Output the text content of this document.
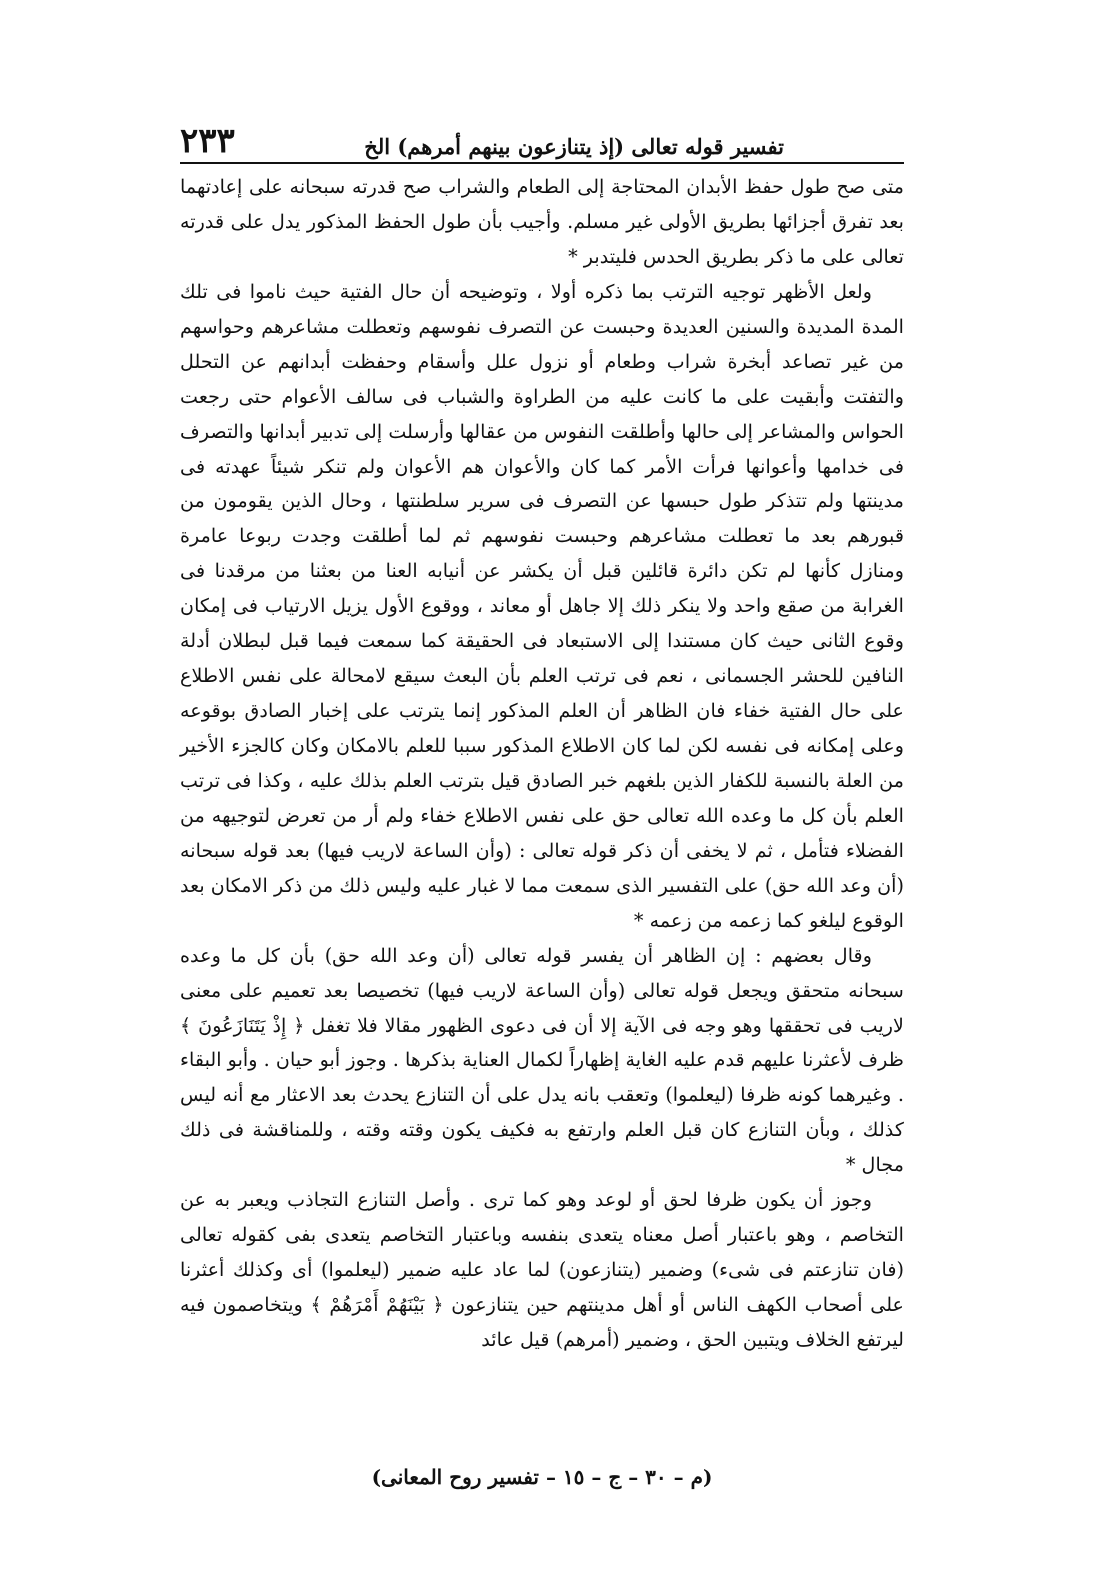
تفسير قوله تعالى (إذ يتنازعون بينهم أمرهم) الخ
٢٣٣

متى صح طول حفظ الأبدان المحتاجة إلى الطعام والشراب صح قدرته سبحانه على إعادتهما بعد تفرق أجزائها بطريق الأولى غير مسلم. وأجيب بأن طول الحفظ المذكور يدل على قدرته تعالى على ما ذكر بطريق الحدس فليتدبر *

ولعل الأظهر توجيه الترتب بما ذكره أولا ، وتوضيحه أن حال الفتية حيث ناموا فى تلك المدة المديدة والسنين العديدة وحبست عن التصرف نفوسهم وتعطلت مشاعرهم وحواسهم من غير تصاعد أبخرة شراب وطعام أو نزول علل وأسقام وحفظت أبدانهم عن التحلل والتفتت وأبقيت على ما كانت عليه من الطراوة والشباب فى سالف الأعوام حتى رجعت الحواس والمشاعر إلى حالها وأطلقت النفوس من عقالها وأرسلت إلى تدبير أبدانها والتصرف فى خدامها وأعوانها فرأت الأمر كما كان والأعوان هم الأعوان ولم تنكر شيئاً عهدته فى مدينتها ولم تتذكر طول حبسها عن التصرف فى سرير سلطنتها ، وحال الذين يقومون من قبورهم بعد ما تعطلت مشاعرهم وحبست نفوسهم ثم لما أطلقت وجدت ربوعا عامرة ومنازل كأنها لم تكن دائرة قائلين قبل أن يكشر عن أنيابه العنا من بعثنا من مرقدنا فى الغرابة من صقع واحد ولا ينكر ذلك إلا جاهل أو معاند ، ووقوع الأول يزيل الارتياب فى إمكان وقوع الثانى حيث كان مستندا إلى الاستبعاد فى الحقيقة كما سمعت فيما قبل لبطلان أدلة النافين للحشر الجسمانى ، نعم فى ترتب العلم بأن البعث سيقع لامحالة على نفس الاطلاع على حال الفتية خفاء فان الظاهر أن العلم المذكور إنما يترتب على إخبار الصادق بوقوعه وعلى إمكانه فى نفسه لكن لما كان الاطلاع المذكور سببا للعلم بالامكان وكان كالجزء الأخير من العلة بالنسبة للكفار الذين بلغهم خبر الصادق قيل بترتب العلم بذلك عليه ، وكذا فى ترتب العلم بأن كل ما وعده الله تعالى حق على نفس الاطلاع خفاء ولم أر من تعرض لتوجيهه من الفضلاء فتأمل ، ثم لا يخفى أن ذكر قوله تعالى : (وأن الساعة لاريب فيها) بعد قوله سبحانه (أن وعد الله حق) على التفسير الذى سمعت مما لا غبار عليه وليس ذلك من ذكر الامكان بعد الوقوع ليلغو كما زعمه من زعمه *

وقال بعضهم : إن الظاهر أن يفسر قوله تعالى (أن وعد الله حق) بأن كل ما وعده سبحانه متحقق ويجعل قوله تعالى (وأن الساعة لاريب فيها) تخصيصا بعد تعميم على معنى لاريب فى تحققها وهو وجه فى الآية إلا أن فى دعوى الظهور مقالا فلا تغفل ﴿ إِذْ يَتَنَازَعُونَ ﴾ ظرف لأعثرنا عليهم قدم عليه الغاية إظهاراً لكمال العناية بذكرها . وجوز أبو حيان . وأبو البقاء . وغيرهما كونه ظرفا (ليعلموا) وتعقب بانه يدل على أن التنازع يحدث بعد الاعثار مع أنه ليس كذلك ، وبأن التنازع كان قبل العلم وارتفع به فكيف يكون وقته وقته ، وللمناقشة فى ذلك مجال *

وجوز أن يكون ظرفا لحق أو لوعد وهو كما ترى . وأصل التنازع التجاذب ويعبر به عن التخاصم ، وهو باعتبار أصل معناه يتعدى بنفسه وباعتبار التخاصم يتعدى بفى كقوله تعالى (فان تنازعتم فى شىء) وضمير (يتنازعون) لما عاد عليه ضمير (ليعلموا) أى وكذلك أعثرنا على أصحاب الكهف الناس أو أهل مدينتهم حين يتنازعون ﴿ بَيْنَهُمْ أَمْرَهُمْ ﴾ ويتخاصمون فيه ليرتفع الخلاف ويتبين الحق ، وضمير (أمرهم) قيل عائد

(م – ٣٠ – ج – ١٥ – تفسير روح المعانى)
